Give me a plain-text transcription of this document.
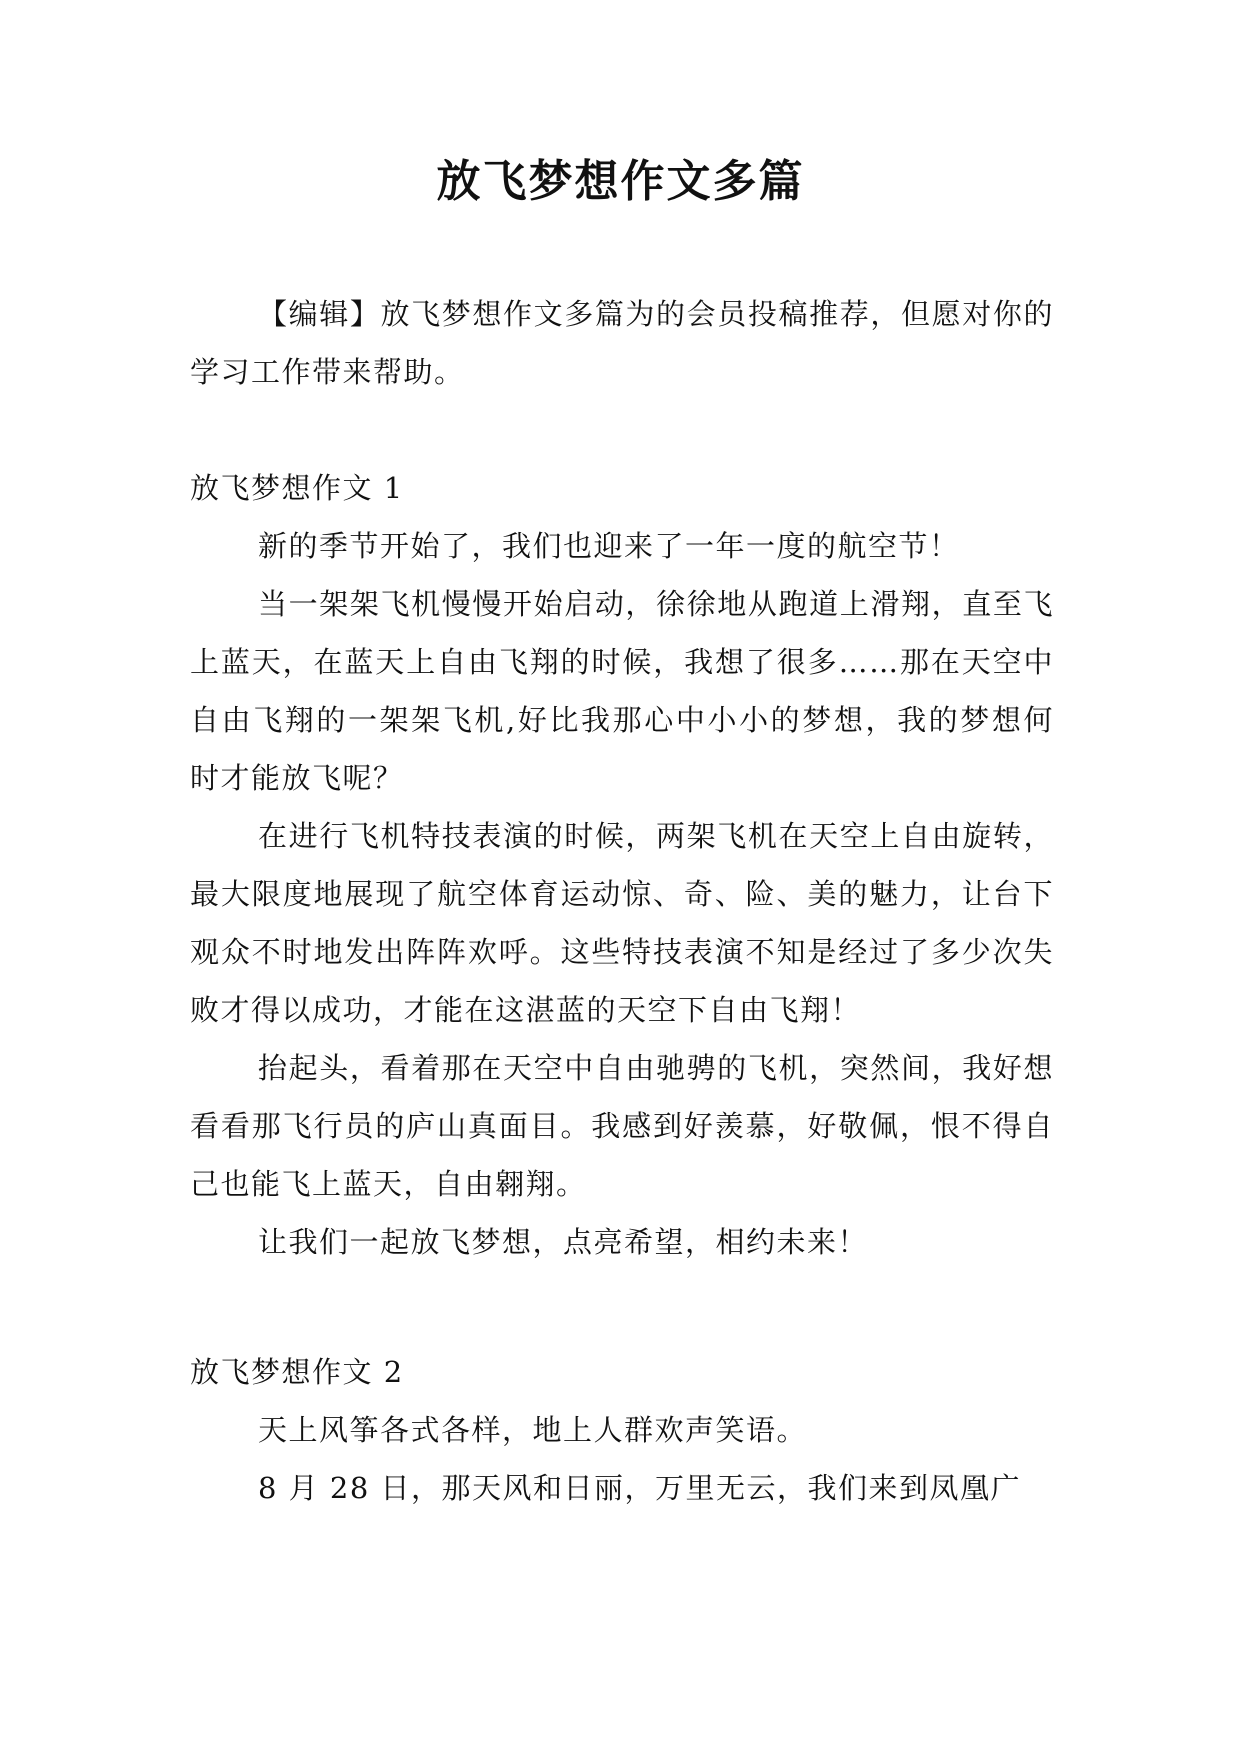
放飞梦想作文多篇

【编辑】放飞梦想作文多篇为的会员投稿推荐，但愿对你的学习工作带来帮助。

放飞梦想作文 1

新的季节开始了，我们也迎来了一年一度的航空节！

当一架架飞机慢慢开始启动，徐徐地从跑道上滑翔，直至飞上蓝天，在蓝天上自由飞翔的时候，我想了很多……那在天空中自由飞翔的一架架飞机,好比我那心中小小的梦想，我的梦想何时才能放飞呢？

在进行飞机特技表演的时候，两架飞机在天空上自由旋转，最大限度地展现了航空体育运动惊、奇、险、美的魅力，让台下观众不时地发出阵阵欢呼。这些特技表演不知是经过了多少次失败才得以成功，才能在这湛蓝的天空下自由飞翔！

抬起头，看着那在天空中自由驰骋的飞机，突然间，我好想看看那飞行员的庐山真面目。我感到好羡慕，好敬佩，恨不得自己也能飞上蓝天，自由翱翔。

让我们一起放飞梦想，点亮希望，相约未来！

放飞梦想作文 2

天上风筝各式各样，地上人群欢声笑语。

8 月 28 日，那天风和日丽，万里无云，我们来到凤凰广
